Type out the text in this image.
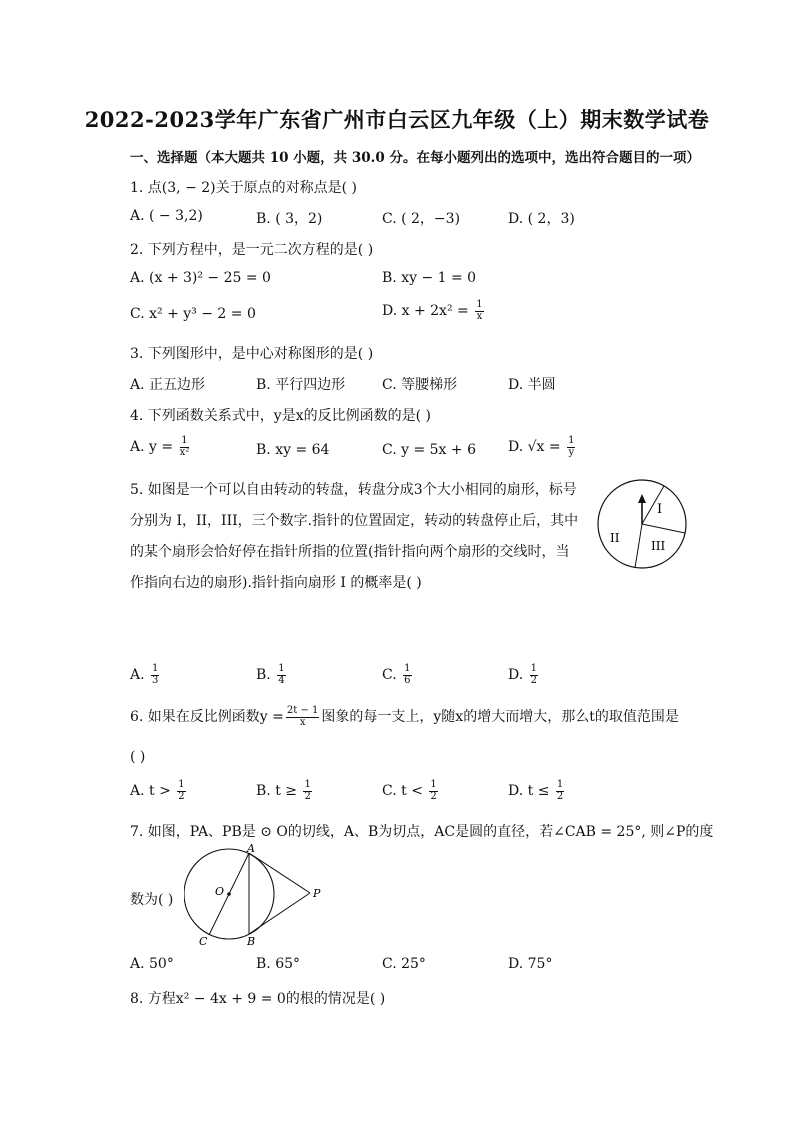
2022-2023学年广东省广州市白云区九年级（上）期末数学试卷
一、选择题（本大题共 10 小题，共 30.0 分。在每小题列出的选项中，选出符合题目的一项）
1. 点(3, − 2)关于原点的对称点是( )
A. ( − 3,2)	B. ( 3，2)	C. ( 2，−3)	D. ( 2，3)
2. 下列方程中，是一元二次方程的是( )
A. (x + 3)² − 25 = 0	B. xy − 1 = 0
C. x² + y³ − 2 = 0	D. $x + 2x^2 = \frac{1}{x}$
3. 下列图形中，是中心对称图形的是( )
A. 正五边形	B. 平行四边形	C. 等腰梯形	D. 半圆
4. 下列函数关系式中，y是x的反比例函数的是( )
A. $y = \frac{1}{\text{x²}}$	B. xy = 64	C. y = 5x + 6 D. $√x = \frac{1}{y}$
5. 如图是一个可以自由转动的转盘，转盘分成3个大小相同的扇形，标号
分别为 I，II，III，三个数字.指针的位置固定，转动的转盘停止后，其中
的某个扇形会恰好停在指针所指的位置(指针指向两个扇形的交线时，当
作指向右边的扇形).指针指向扇形 I 的概率是( )
I
II
III
A. $\frac{1}{3}$	B. $\frac{1}{4}$	C. $\frac{1}{6}$	D. $\frac{1}{2}$
6. 如果在反比例函数$y = \frac{2t - 1}{x}$ 图象的每一支上，y随x的增大而增大，那么t的取值范围是
( )
A. $t > \frac{1}{2}$	B. $t \ge \frac{1}{2}$	C. $t < \frac{1}{2}$	D. $t \le \frac{1}{2}$
7. 如图，PA、PB是 ⊙ O的切线，A、B为切点，AC是圆的直径，若∠CAB = 25°, 则∠P的度
数为( )
A
B
C
O	P
A. 50°	B. 65°	C. 25°	D. 75°
8. 方程x² − 4x + 9 = 0的根的情况是( )
